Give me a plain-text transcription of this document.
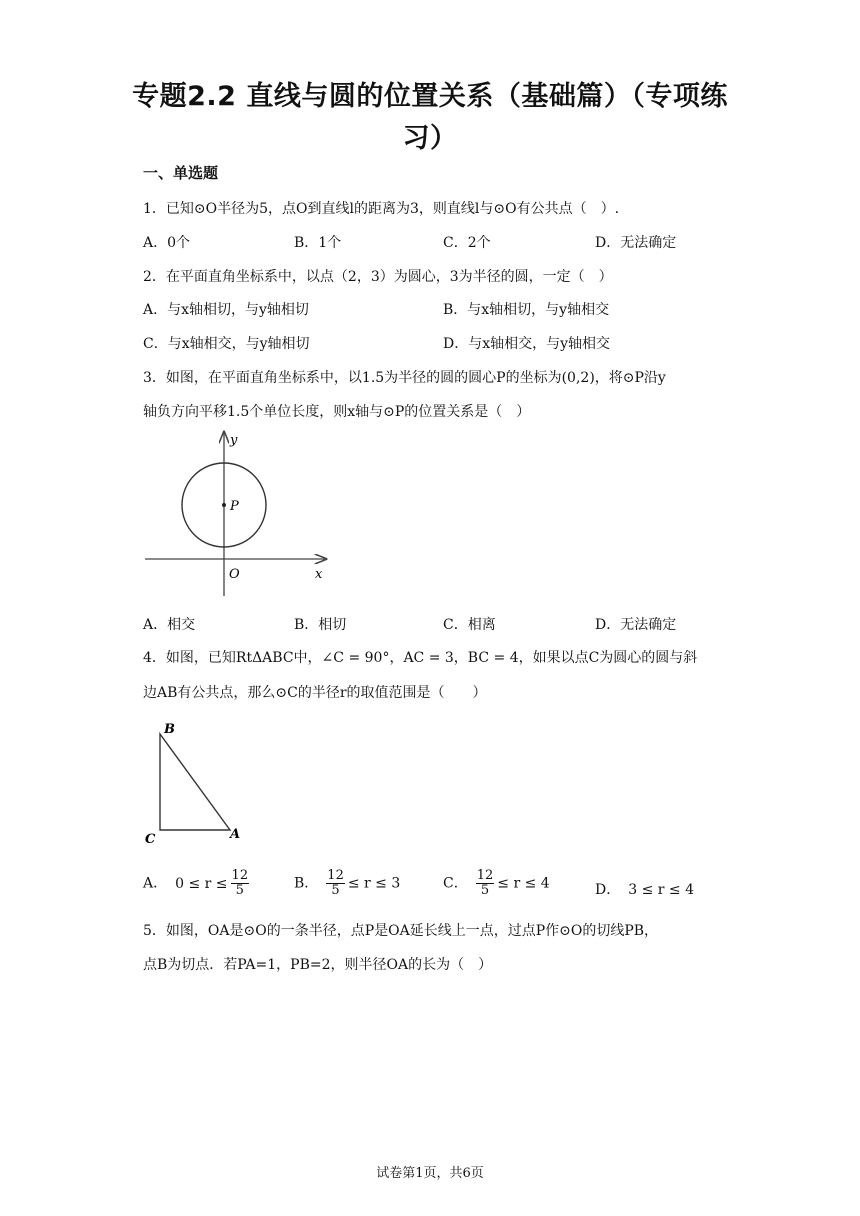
专题2.2 直线与圆的位置关系（基础篇）（专项练
习）
一、单选题
1．已知⊙O半径为5，点O到直线l的距离为3，则直线l与⊙O有公共点（　）.
A．0个	B．1个	C．2个	D．无法确定
2．在平面直角坐标系中，以点（2，3）为圆心，3为半径的圆，一定（　）
A．与x轴相切，与y轴相切	B．与x轴相切，与y轴相交
C．与x轴相交，与y轴相切	D．与x轴相交，与y轴相交
3．如图，在平面直角坐标系中，以1.5为半径的圆的圆心P的坐标为(0,2)，将⊙P沿y
轴负方向平移1.5个单位长度，则x轴与⊙P的位置关系是（　）
y
x
O
P
A．相交	B．相切	C．相离	D．无法确定
4．如图，已知RtΔABC中，∠C = 90°，AC = 3，BC = 4，如果以点C为圆心的圆与斜
边AB有公共点，那么⊙C的半径r的取值范围是（　　）
B
C	A
A． $0 \le r \le \frac{12}{5}$	B． $\frac{12}{5} \le r \le 3$	C． $\frac{12}{5} \le r \le 4$	D． 3 ≤ r ≤ 4
5．如图，OA是⊙O的一条半径，点P是OA延长线上一点，过点P作⊙O的切线PB，
点B为切点．若PA=1，PB=2，则半径OA的长为（　）
试卷第1页，共6页
